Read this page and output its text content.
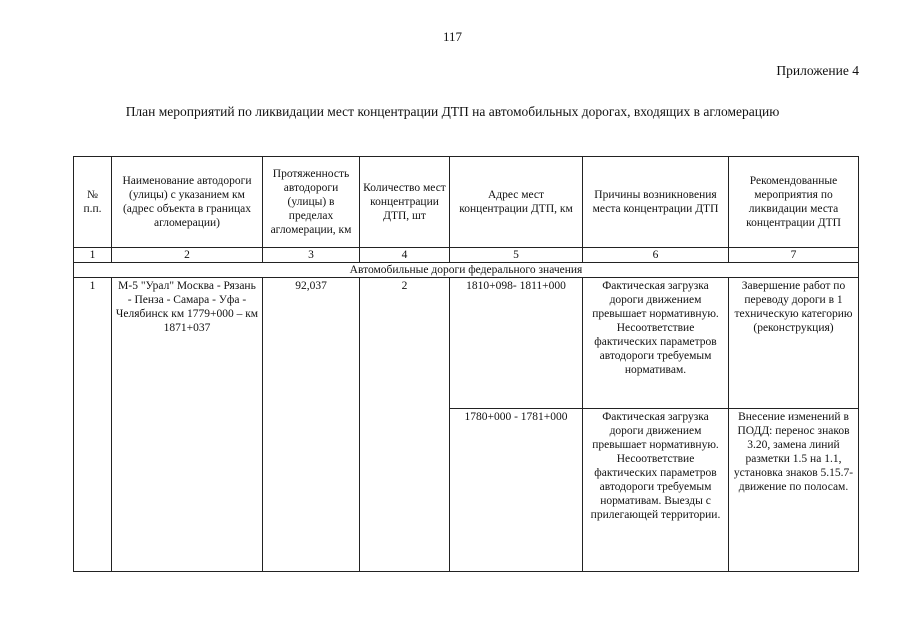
117
Приложение 4
План мероприятий по ликвидации мест концентрации ДТП на автомобильных дорогах, входящих в агломерацию
№ п.п.	Наименование автодороги (улицы) с указанием км (адрес объекта в границах агломерации)	Протяженность автодороги (улицы) в пределах агломерации, км	Количество мест концентрации ДТП, шт	Адрес мест концентрации ДТП, км	Причины возникновения места концентрации ДТП	Рекомендованные мероприятия по ликвидации места концентрации ДТП
1	2	3	4	5	6	7
Автомобильные дороги федерального значения						
1	М-5 "Урал" Москва - Рязань - Пенза - Самара - Уфа - Челябинск км 1779+000 – км 1871+037	92,037	2	1810+098- 1811+000	Фактическая загрузка дороги движением превышает нормативную. Несоответствие фактических параметров автодороги требуемым нормативам.	Завершение работ по переводу дороги в 1 техническую категорию (реконструкция)
				1780+000 - 1781+000	Фактическая загрузка дороги движением превышает нормативную. Несоответствие фактических параметров автодороги требуемым нормативам. Выезды с прилегающей территории.	Внесение изменений в ПОДД: перенос знаков 3.20, замена линий разметки 1.5 на 1.1, установка знаков 5.15.7-движение по полосам.
